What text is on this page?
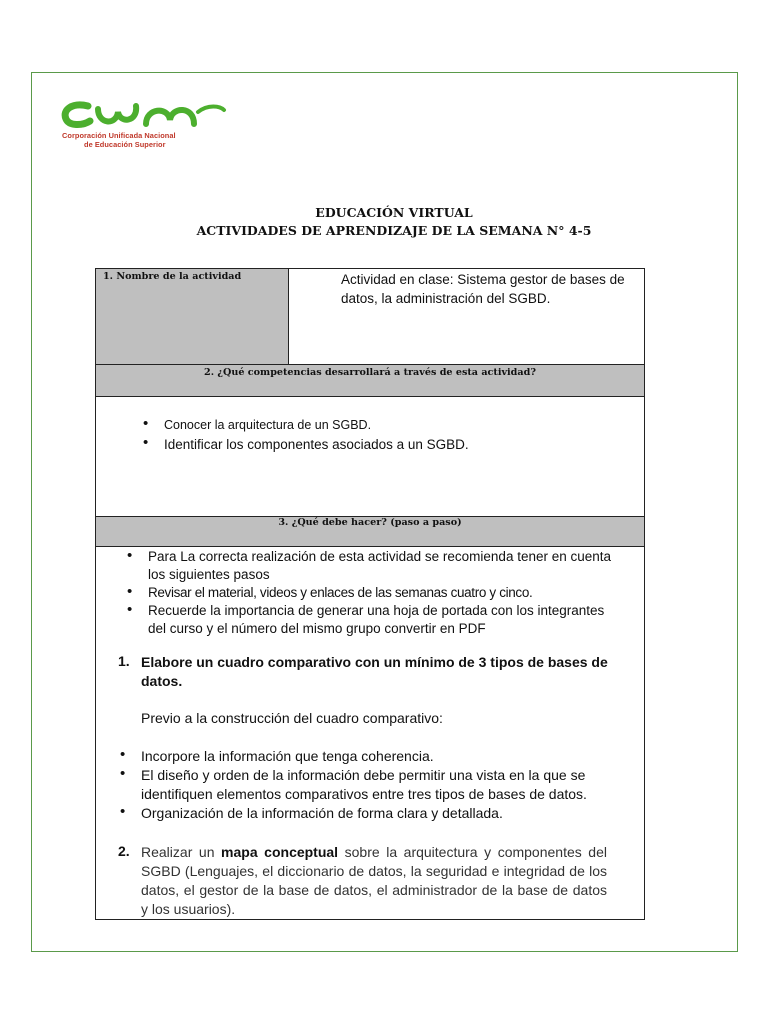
Corporación Unificada Nacional
de Educación Superior
EDUCACIÓN VIRTUAL
ACTIVIDADES DE APRENDIZAJE DE LA SEMANA N° 4-5
1. Nombre de la actividad	Actividad en clase: Sistema gestor de bases de datos, la administración del SGBD.
2. ¿Qué competencias desarrollará a través de esta actividad?
• Conocer la arquitectura de un SGBD.
• Identificar los componentes asociados a un SGBD.
3. ¿Qué debe hacer? (paso a paso)
• Para La correcta realización de esta actividad se recomienda tener en cuenta los siguientes pasos
• Revisar el material, videos y enlaces de las semanas cuatro y cinco.
• Recuerde la importancia de generar una hoja de portada con los integrantes del curso y el número del mismo grupo convertir en PDF
1. Elabore un cuadro comparativo con un mínimo de 3 tipos de bases de datos.
Previo a la construcción del cuadro comparativo:
• Incorpore la información que tenga coherencia.
• El diseño y orden de la información debe permitir una vista en la que se identifiquen elementos comparativos entre tres tipos de bases de datos.
• Organización de la información de forma clara y detallada.
2. Realizar un mapa conceptual sobre la arquitectura y componentes del SGBD (Lenguajes, el diccionario de datos, la seguridad e integridad de los datos, el gestor de la base de datos, el administrador de la base de datos y los usuarios).
